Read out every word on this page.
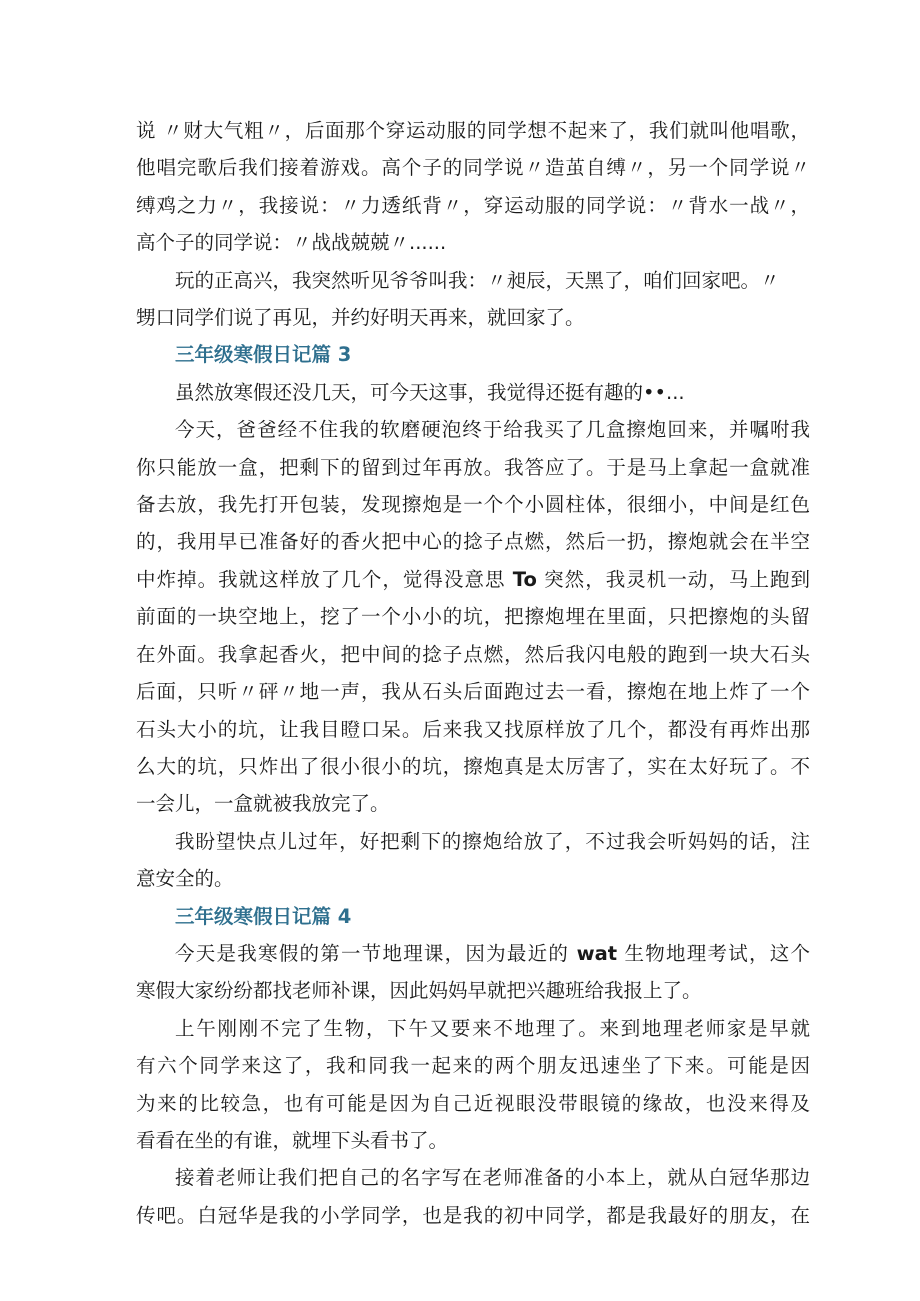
说 〃财大气粗〃，后面那个穿运动服的同学想不起来了，我们就叫他唱歌，

他唱完歌后我们接着游戏。高个子的同学说〃造茧自缚〃，另一个同学说〃

缚鸡之力〃，我接说：〃力透纸背〃，穿运动服的同学说：〃背水一战〃，

高个子的同学说：〃战战兢兢〃......

玩的正高兴，我突然听见爷爷叫我：〃昶辰，天黑了，咱们回家吧。〃

甥口同学们说了再见，并约好明天再来，就回家了。

三年级寒假日记篇 3

虽然放寒假还没几天，可今天这事，我觉得还挺有趣的••...

今天，爸爸经不住我的软磨硬泡终于给我买了几盒擦炮回来，并嘱咐我

你只能放一盒，把剩下的留到过年再放。我答应了。于是马上拿起一盒就准

备去放，我先打开包装，发现擦炮是一个个小圆柱体，很细小，中间是红色

的，我用早已准备好的香火把中心的捻子点燃，然后一扔，擦炮就会在半空

中炸掉。我就这样放了几个，觉得没意思 To 突然，我灵机一动，马上跑到

前面的一块空地上，挖了一个小小的坑，把擦炮埋在里面，只把擦炮的头留

在外面。我拿起香火，把中间的捻子点燃，然后我闪电般的跑到一块大石头

后面，只听〃砰〃地一声，我从石头后面跑过去一看，擦炮在地上炸了一个

石头大小的坑，让我目瞪口呆。后来我又找原样放了几个，都没有再炸出那

么大的坑，只炸出了很小很小的坑，擦炮真是太厉害了，实在太好玩了。不

一会儿，一盒就被我放完了。

我盼望快点儿过年，好把剩下的擦炮给放了，不过我会听妈妈的话，注

意安全的。

三年级寒假日记篇 4

今天是我寒假的第一节地理课，因为最近的 wat 生物地理考试，这个

寒假大家纷纷都找老师补课，因此妈妈早就把兴趣班给我报上了。

上午刚刚不完了生物，下午又要来不地理了。来到地理老师家是早就

有六个同学来这了，我和同我一起来的两个朋友迅速坐了下来。可能是因

为来的比较急，也有可能是因为自己近视眼没带眼镜的缘故，也没来得及

看看在坐的有谁，就埋下头看书了。

接着老师让我们把自己的名字写在老师准备的小本上，就从白冠华那边

传吧。白冠华是我的小学同学，也是我的初中同学，都是我最好的朋友，在
